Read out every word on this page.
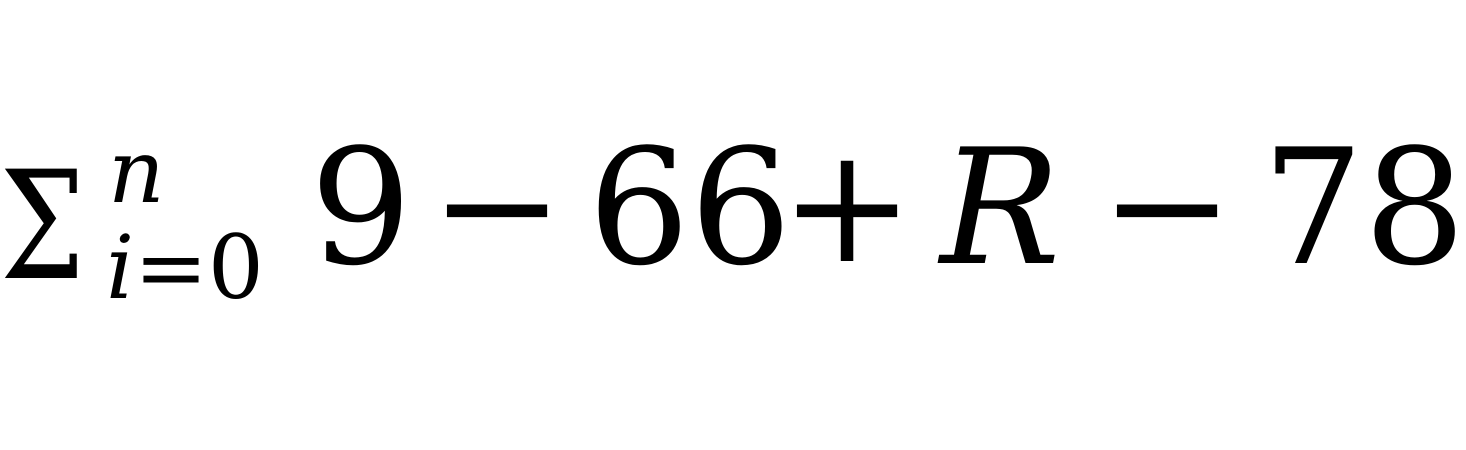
Σ n
i=0 9 − 66
+ R − 78
